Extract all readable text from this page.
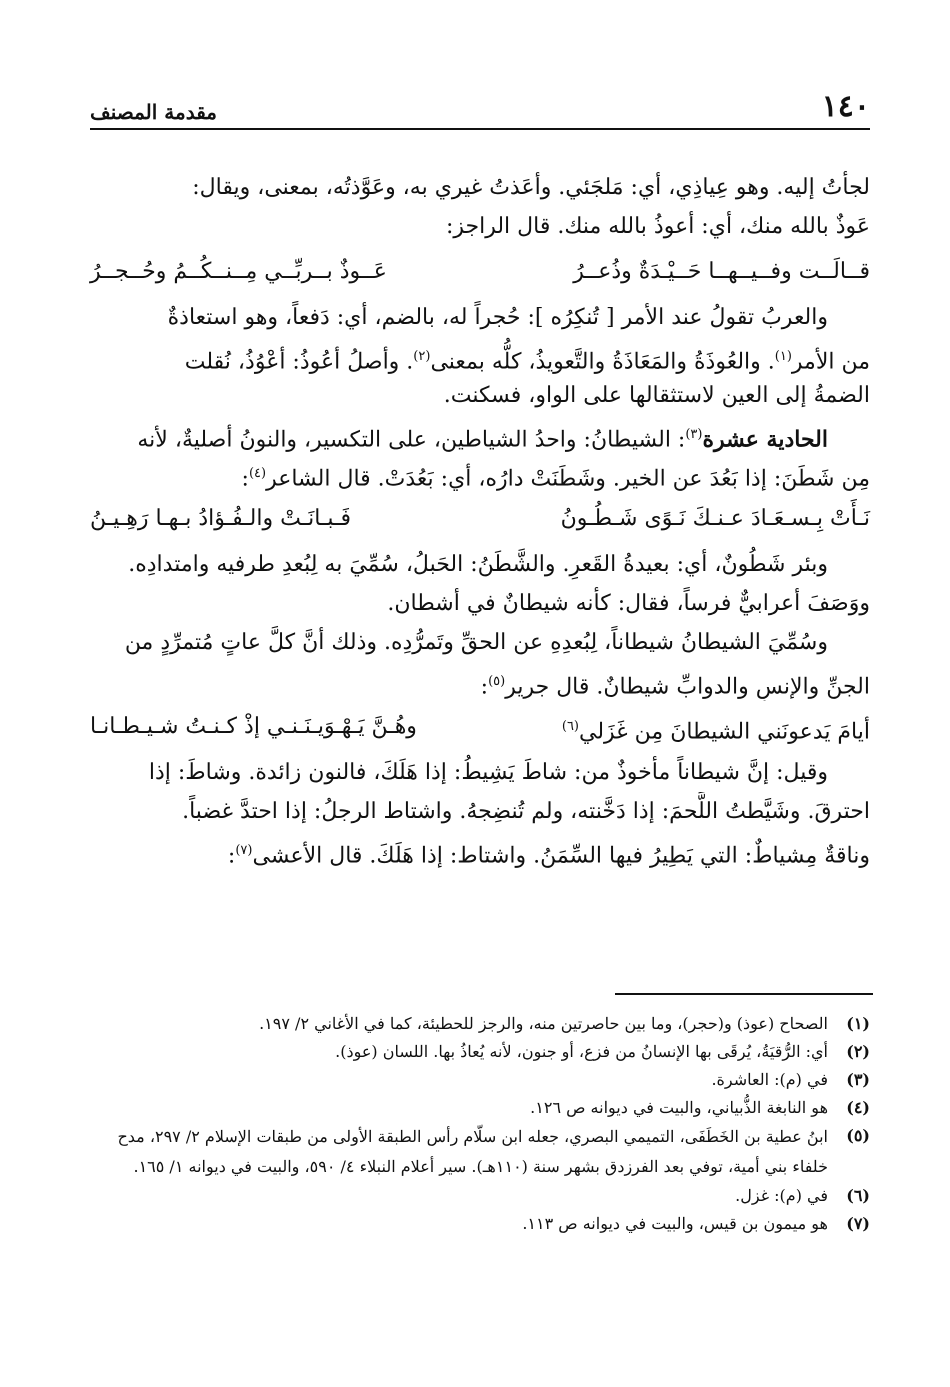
١٤٠
مقدمة المصنف
لجأتُ إليه. وهو عِياذِي، أي: مَلجَئي. وأعَذتُ غيري به، وعَوَّذتُه، بمعنى، ويقال:
عَوذٌ بالله منك، أي: أعوذُ بالله منك. قال الراجز:
قــالَــت وفــيــهــا حَــيْـدَةٌ وذُعــرُ
عَــوذٌ بــربِّــي مِــنــكُــمُ وحُــجــرُ
والعربُ تقولُ عند الأمر [ تُنكِرُه ]: حُجراً له، بالضم، أي: دَفعاً، وهو استعاذةٌ
من الأمر$^{(١)}$. والعُوذَةُ والمَعَاذَةُ والتَّعويذُ، كلُّه بمعنى$^{(٢)}$. وأصلُ أعُوذُ: أعْوُذُ، نُقلت
الضمةُ إلى العين لاستثقالها على الواو، فسكنت.
الحادية عشرة$^{(٣)}$: الشيطانُ: واحدُ الشياطين، على التكسير، والنونُ أصليةٌ، لأنه
مِن شَطَنَ: إذا بَعُدَ عن الخير. وشَطَنَتْ دارُه، أي: بَعُدَتْ. قال الشاعر$^{(٤)}$:
نَـأَتْ بِـسـعَـادَ عـنـكَ نَـوًى شَـطُـونُ
فَـبـانَـتْ والـفُـؤادُ بـهـا رَهِـيـنُ
وبئر شَطُونٌ، أي: بعيدةُ القَعرِ. والشَّطَنُ: الحَبلُ، سُمِّيَ به لِبُعدِ طرفيه وامتدادِه.
ووَصَفَ أعرابيٌّ فرساً، فقال: كأنه شيطانٌ في أشطان.
وسُمِّيَ الشيطانُ شيطاناً، لِبُعدِهِ عن الحقِّ وتَمرُّدِه. وذلك أنَّ كلَّ عاتٍ مُتمرِّدٍ من
الجنِّ والإنسِ والدوابِّ شيطانٌ. قال جرير$^{(٥)}$:
أيامَ يَدعونَني الشيطانَ مِن غَزَلي$^{(٦)}$
وهُـنَّ يَـهْـوَيـنَـنـي إذْ كـنـتُ شـيـطـانـا
وقيل: إنَّ شيطاناً مأخوذٌ من: شاطَ يَشِيطُ: إذا هَلَكَ، فالنون زائدة. وشاطَ: إذا
احترقَ. وشَيَّطتُ اللَّحمَ: إذا دَخَّنته، ولم تُنضِجهُ. واشتاط الرجلُ: إذا احتدَّ غضباً.
وناقةٌ مِشياطٌ: التي يَطِيرُ فيها السِّمَنُ. واشتاط: إذا هَلَكَ. قال الأعشى$^{(٧)}$:
(١)
الصحاح (عوذ) و(حجر)، وما بين حاصرتين منه، والرجز للحطيئة، كما في الأغاني ٢/ ١٩٧.
(٢)
أي: الرُّقيَةُ، يُرقَى بها الإنسانُ من فزع، أو جنون، لأنه يُعاذُ بها. اللسان (عوذ).
(٣)
في (م): العاشرة.
(٤)
هو النابغة الذُّبياني، والبيت في ديوانه ص ١٢٦.
(٥)
ابنُ عطية بن الخَطَفَى، التميمي البصري، جعله ابن سلّام رأس الطبقة الأولى من طبقات الإسلام ٢/ ٢٩٧، مدح خلفاء بني أمية، توفي بعد الفرزدق بشهر سنة (١١٠هـ). سير أعلام النبلاء ٤/ ٥٩٠، والبيت في ديوانه ١/ ١٦٥.
(٦)
في (م): غزل.
(٧)
هو ميمون بن قيس، والبيت في ديوانه ص ١١٣.
